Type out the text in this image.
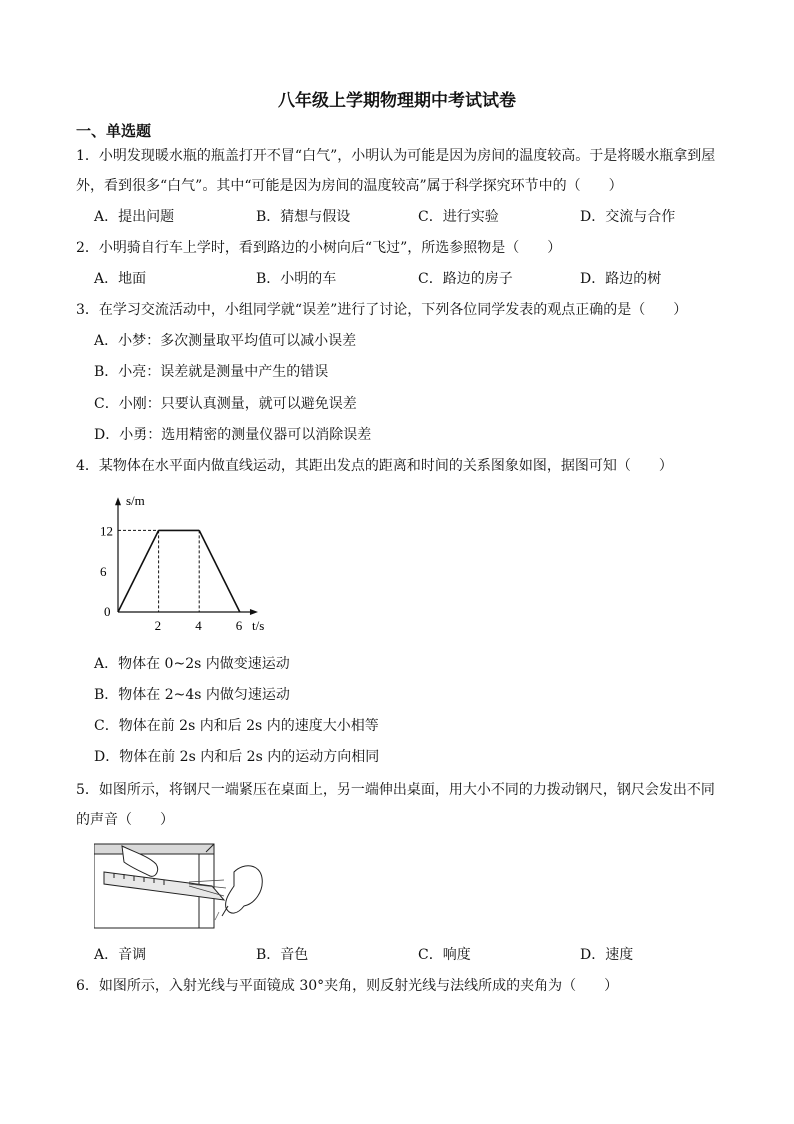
八年级上学期物理期中考试试卷
一、单选题
1．小明发现暖水瓶的瓶盖打开不冒“白气”，小明认为可能是因为房间的温度较高。于是将暖水瓶拿到屋
外，看到很多“白气”。其中“可能是因为房间的温度较高”属于科学探究环节中的（　　）
A．提出问题	B．猜想与假设	C．进行实验	D．交流与合作
2．小明骑自行车上学时，看到路边的小树向后“飞过”，所选参照物是（　　）
A．地面	B．小明的车	C．路边的房子	D．路边的树
3．在学习交流活动中，小组同学就“误差”进行了讨论，下列各位同学发表的观点正确的是（　　）
A．小梦：多次测量取平均值可以减小误差
B．小亮：误差就是测量中产生的错误
C．小刚：只要认真测量，就可以避免误差
D．小勇：选用精密的测量仪器可以消除误差
4．某物体在水平面内做直线运动，其距出发点的距离和时间的关系图象如图，据图可知（　　）
s/m
t/s
0
12
6
2	4	6
A．物体在 0~2s 内做变速运动
B．物体在 2~4s 内做匀速运动
C．物体在前 2s 内和后 2s 内的速度大小相等
D．物体在前 2s 内和后 2s 内的运动方向相同
5．如图所示，将钢尺一端紧压在桌面上，另一端伸出桌面，用大小不同的力拨动钢尺，钢尺会发出不同
的声音（　　）
A．音调	B．音色	C．响度	D．速度
6．如图所示，入射光线与平面镜成 30°夹角，则反射光线与法线所成的夹角为（　　）
